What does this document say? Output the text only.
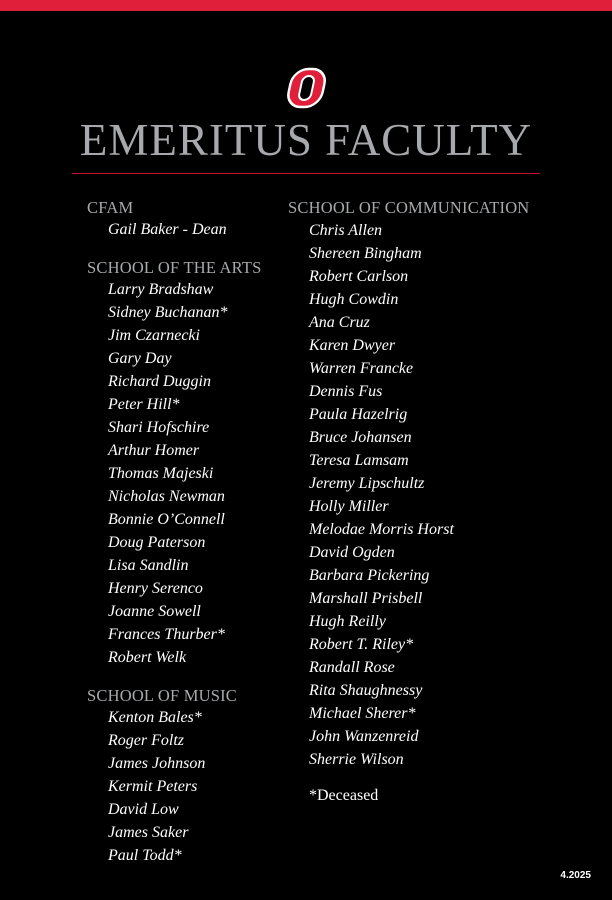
EMERITUS FACULTY
CFAM
Gail Baker - Dean
SCHOOL OF THE ARTS
Larry Bradshaw
Sidney Buchanan*
Jim Czarnecki
Gary Day
Richard Duggin
Peter Hill*
Shari Hofschire
Arthur Homer
Thomas Majeski
Nicholas Newman
Bonnie O’Connell
Doug Paterson
Lisa Sandlin
Henry Serenco
Joanne Sowell
Frances Thurber*
Robert Welk
SCHOOL OF MUSIC
Kenton Bales*
Roger Foltz
James Johnson
Kermit Peters
David Low
James Saker
Paul Todd*
SCHOOL OF COMMUNICATION
Chris Allen
Shereen Bingham
Robert Carlson
Hugh Cowdin
Ana Cruz
Karen Dwyer
Warren Francke
Dennis Fus
Paula Hazelrig
Bruce Johansen
Teresa Lamsam
Jeremy Lipschultz
Holly Miller
Melodae Morris Horst
David Ogden
Barbara Pickering
Marshall Prisbell
Hugh Reilly
Robert T. Riley*
Randall Rose
Rita Shaughnessy
Michael Sherer*
John Wanzenreid
Sherrie Wilson
*Deceased
4.2025
